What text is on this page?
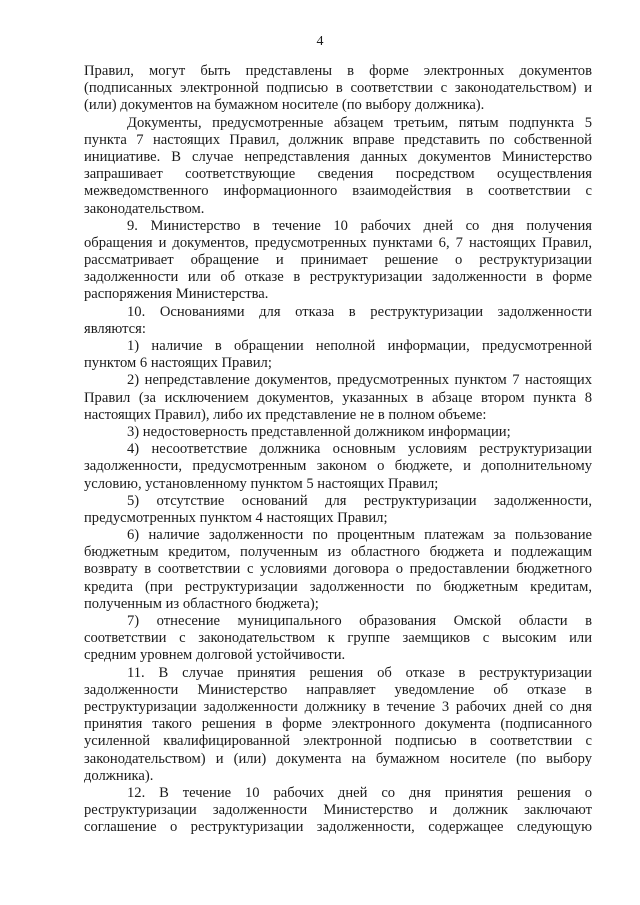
4
Правил, могут быть представлены в форме электронных документов
(подписанных электронной подписью в соответствии с законодательством) и
(или) документов на бумажном носителе (по выбору должника).
Документы, предусмотренные абзацем третьим, пятым подпункта 5
пункта 7 настоящих Правил, должник вправе представить по собственной
инициативе. В случае непредставления данных документов Министерство
запрашивает соответствующие сведения посредством осуществления
межведомственного информационного взаимодействия в соответствии с
законодательством.
9. Министерство в течение 10 рабочих дней со дня получения
обращения и документов, предусмотренных пунктами 6, 7 настоящих Правил,
рассматривает обращение и принимает решение о реструктуризации
задолженности или об отказе в реструктуризации задолженности в форме
распоряжения Министерства.
10. Основаниями для отказа в реструктуризации задолженности
являются:
1) наличие в обращении неполной информации, предусмотренной
пунктом 6 настоящих Правил;
2) непредставление документов, предусмотренных пунктом 7 настоящих
Правил (за исключением документов, указанных в абзаце втором пункта 8
настоящих Правил), либо их представление не в полном объеме:
3) недостоверность представленной должником информации;
4) несоответствие должника основным условиям реструктуризации
задолженности, предусмотренным законом о бюджете, и дополнительному
условию, установленному пунктом 5 настоящих Правил;
5) отсутствие оснований для реструктуризации задолженности,
предусмотренных пунктом 4 настоящих Правил;
6) наличие задолженности по процентным платежам за пользование
бюджетным кредитом, полученным из областного бюджета и подлежащим
возврату в соответствии с условиями договора о предоставлении бюджетного
кредита (при реструктуризации задолженности по бюджетным кредитам,
полученным из областного бюджета);
7) отнесение муниципального образования Омской области в
соответствии с законодательством к группе заемщиков с высоким или
средним уровнем долговой устойчивости.
11. В случае принятия решения об отказе в реструктуризации
задолженности Министерство направляет уведомление об отказе в
реструктуризации задолженности должнику в течение 3 рабочих дней со дня
принятия такого решения в форме электронного документа (подписанного
усиленной квалифицированной электронной подписью в соответствии с
законодательством) и (или) документа на бумажном носителе (по выбору
должника).
12. В течение 10 рабочих дней со дня принятия решения о
реструктуризации задолженности Министерство и должник заключают
соглашение о реструктуризации задолженности, содержащее следующую
